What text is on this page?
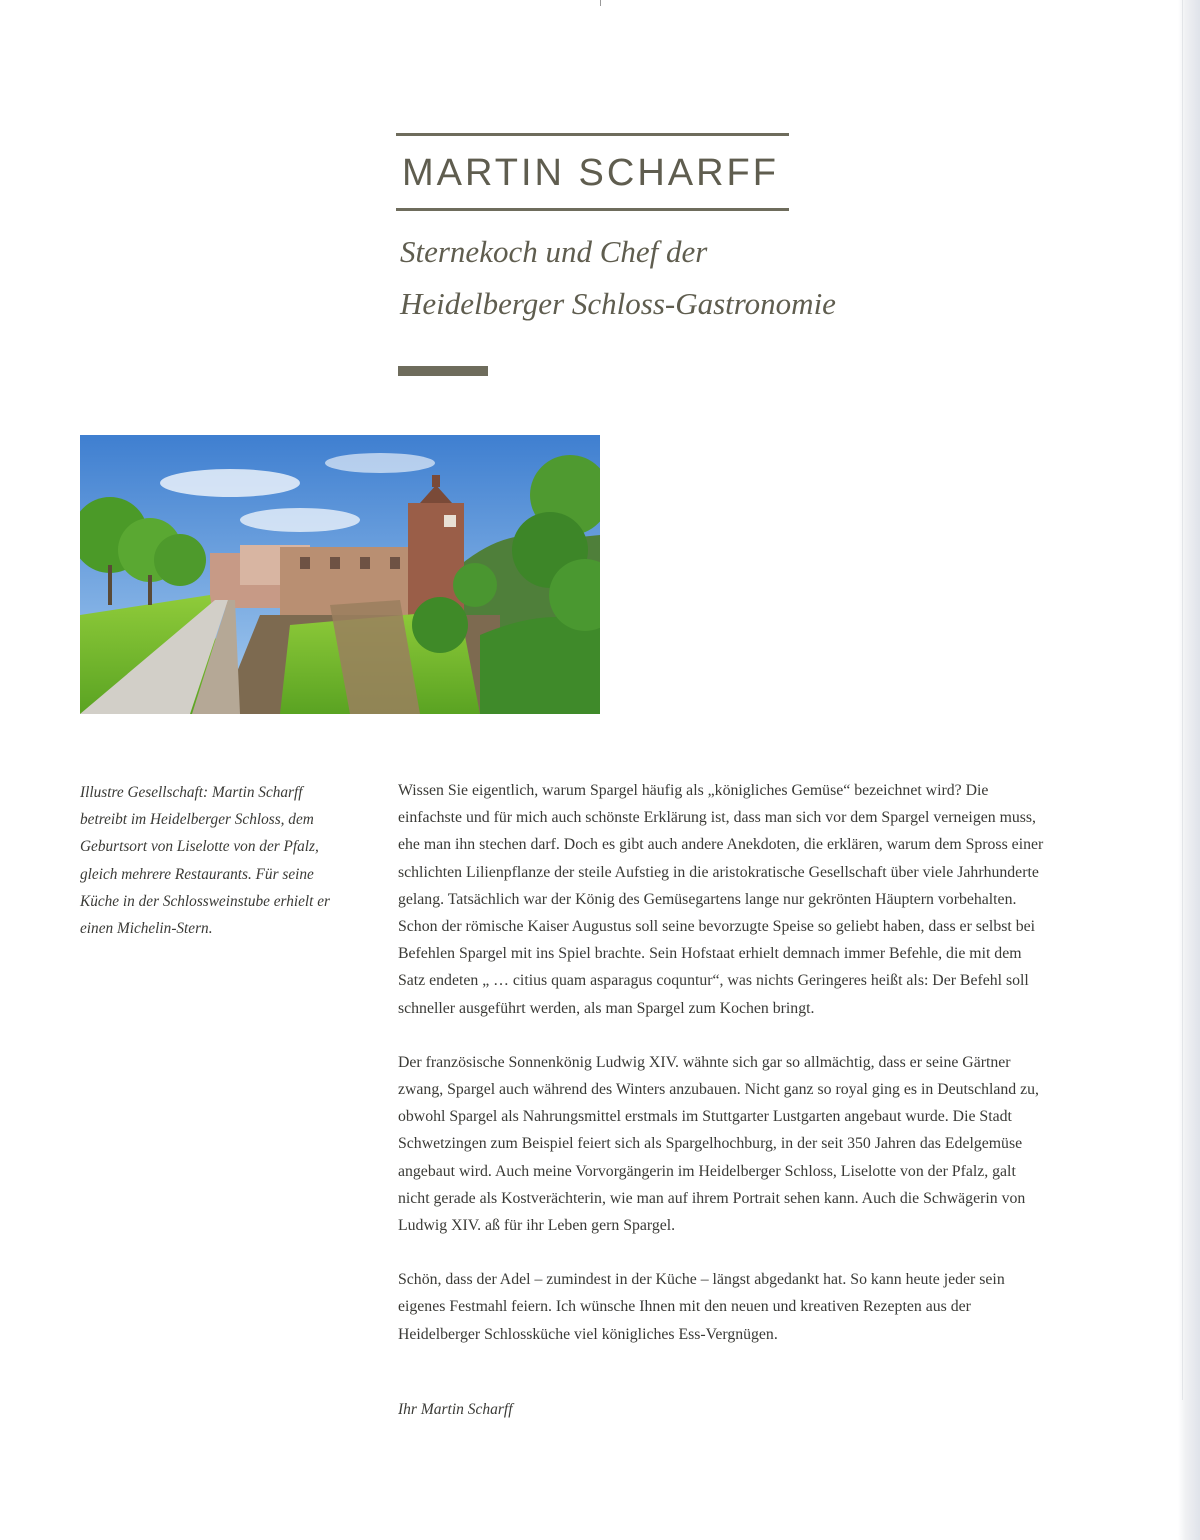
MARTIN SCHARFF
Sternekoch und Chef der
Heidelberger Schloss-Gastronomie

Illustre Gesellschaft: Martin Scharff betreibt im Heidelberger Schloss, dem Geburtsort von Liselotte von der Pfalz, gleich mehrere Restaurants. Für seine Küche in der Schlossweinstube erhielt er einen Michelin-Stern.

Wissen Sie eigentlich, warum Spargel häufig als „königliches Gemüse“ bezeichnet wird? Die einfachste und für mich auch schönste Erklärung ist, dass man sich vor dem Spargel verneigen muss, ehe man ihn stechen darf. Doch es gibt auch andere Anekdoten, die erklären, warum dem Spross einer schlichten Lilienpflanze der steile Aufstieg in die aristokratische Gesellschaft über viele Jahrhunderte gelang. Tatsächlich war der König des Gemüsegartens lange nur gekrönten Häuptern vorbehalten. Schon der römische Kaiser Augustus soll seine bevorzugte Speise so geliebt haben, dass er selbst bei Befehlen Spargel mit ins Spiel brachte. Sein Hofstaat erhielt demnach immer Befehle, die mit dem Satz endeten „ … citius quam asparagus coquntur“, was nichts Geringeres heißt als: Der Befehl soll schneller ausgeführt werden, als man Spargel zum Kochen bringt.

Der französische Sonnenkönig Ludwig XIV. wähnte sich gar so allmächtig, dass er seine Gärtner zwang, Spargel auch während des Winters anzubauen. Nicht ganz so royal ging es in Deutschland zu, obwohl Spargel als Nahrungsmittel erstmals im Stuttgarter Lustgarten angebaut wurde. Die Stadt Schwetzingen zum Beispiel feiert sich als Spargelhochburg, in der seit 350 Jahren das Edelgemüse angebaut wird. Auch meine Vorvorgängerin im Heidelberger Schloss, Liselotte von der Pfalz, galt nicht gerade als Kostverächterin, wie man auf ihrem Portrait sehen kann. Auch die Schwägerin von Ludwig XIV. aß für ihr Leben gern Spargel.

Schön, dass der Adel – zumindest in der Küche – längst abgedankt hat. So kann heute jeder sein eigenes Festmahl feiern. Ich wünsche Ihnen mit den neuen und kreativen Rezepten aus der Heidelberger Schlossküche viel königliches Ess-Vergnügen.

Ihr Martin Scharff
